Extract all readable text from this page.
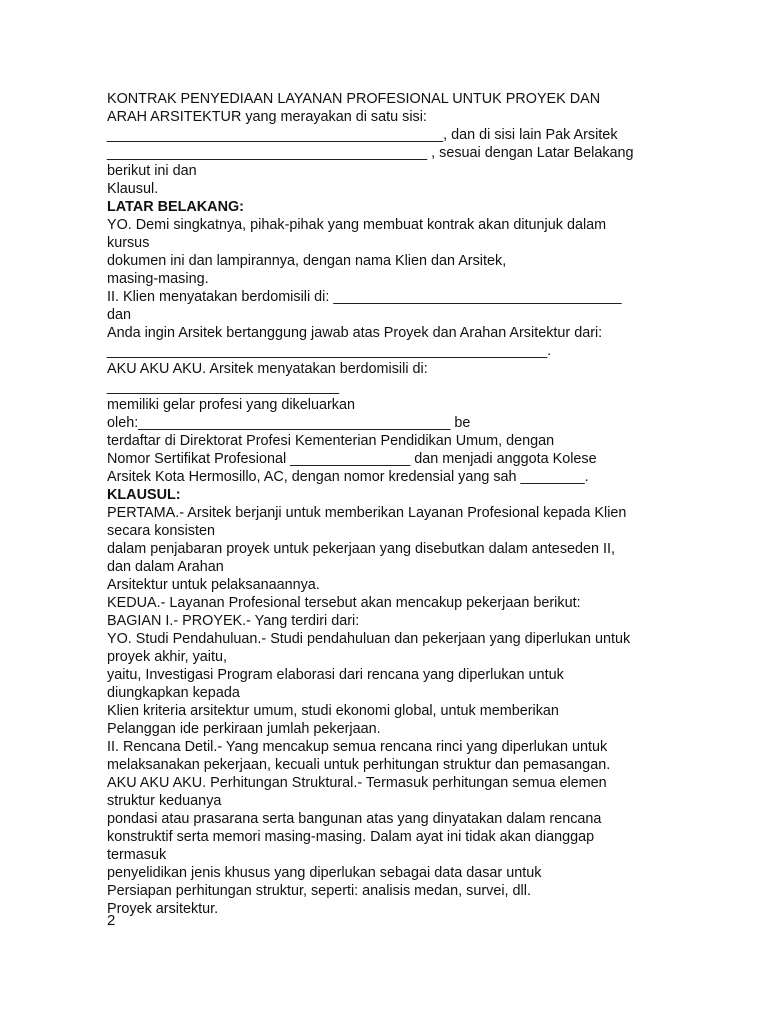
KONTRAK PENYEDIAAN LAYANAN PROFESIONAL UNTUK PROYEK DAN
ARAH ARSITEKTUR yang merayakan di satu sisi:
__________________________________________, dan di sisi lain Pak Arsitek
________________________________________ , sesuai dengan Latar Belakang
berikut ini dan
Klausul.
LATAR BELAKANG:
YO. Demi singkatnya, pihak-pihak yang membuat kontrak akan ditunjuk dalam
kursus
dokumen ini dan lampirannya, dengan nama Klien dan Arsitek,
masing-masing.
II. Klien menyatakan berdomisili di: ____________________________________
dan
Anda ingin Arsitek bertanggung jawab atas Proyek dan Arahan Arsitektur dari:
_______________________________________________________.
AKU AKU AKU. Arsitek menyatakan berdomisili di:
_____________________________
memiliki gelar profesi yang dikeluarkan
oleh:_______________________________________ be
terdaftar di Direktorat Profesi Kementerian Pendidikan Umum, dengan
Nomor Sertifikat Profesional _______________ dan menjadi anggota Kolese
Arsitek Kota Hermosillo, AC, dengan nomor kredensial yang sah ________.
KLAUSUL:
PERTAMA.- Arsitek berjanji untuk memberikan Layanan Profesional kepada Klien
secara konsisten
dalam penjabaran proyek untuk pekerjaan yang disebutkan dalam anteseden II,
dan dalam Arahan
Arsitektur untuk pelaksanaannya.
KEDUA.- Layanan Profesional tersebut akan mencakup pekerjaan berikut:
BAGIAN I.- PROYEK.- Yang terdiri dari:
YO. Studi Pendahuluan.- Studi pendahuluan dan pekerjaan yang diperlukan untuk
proyek akhir, yaitu,
yaitu, Investigasi Program elaborasi dari rencana yang diperlukan untuk
diungkapkan kepada
Klien kriteria arsitektur umum, studi ekonomi global, untuk memberikan
Pelanggan ide perkiraan jumlah pekerjaan.
II. Rencana Detil.- Yang mencakup semua rencana rinci yang diperlukan untuk
melaksanakan pekerjaan, kecuali untuk perhitungan struktur dan pemasangan.
AKU AKU AKU. Perhitungan Struktural.- Termasuk perhitungan semua elemen
struktur keduanya
pondasi atau prasarana serta bangunan atas yang dinyatakan dalam rencana
konstruktif serta memori masing-masing. Dalam ayat ini tidak akan dianggap
termasuk
penyelidikan jenis khusus yang diperlukan sebagai data dasar untuk
Persiapan perhitungan struktur, seperti: analisis medan, survei, dll.
Proyek arsitektur.
2
